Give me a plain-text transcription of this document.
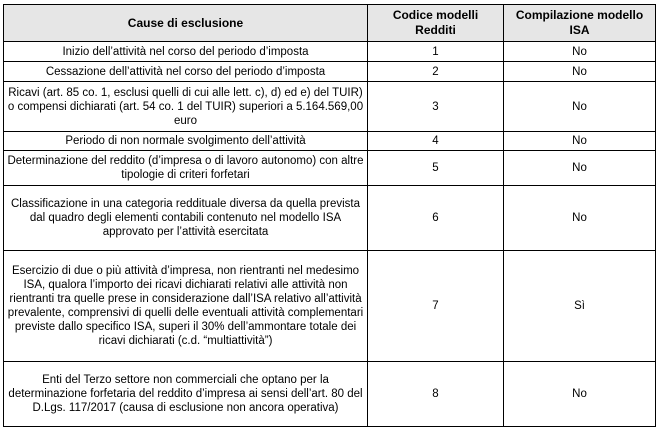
Cause di esclusione	Codice modelli Redditi	Compilazione modello ISA
Inizio dell’attività nel corso del periodo d’imposta	1	No
Cessazione dell’attività nel corso del periodo d’imposta	2	No
Ricavi (art. 85 co. 1, esclusi quelli di cui alle lett. c), d) ed e) del TUIR) o compensi dichiarati (art. 54 co. 1 del TUIR) superiori a 5.164.569,00 euro	3	No
Periodo di non normale svolgimento dell’attività	4	No
Determinazione del reddito (d’impresa o di lavoro autonomo) con altre tipologie di criteri forfetari	5	No
Classificazione in una categoria reddituale diversa da quella prevista dal quadro degli elementi contabili contenuto nel modello ISA approvato per l’attività esercitata	6	No
Esercizio di due o più attività d’impresa, non rientranti nel medesimo ISA, qualora l’importo dei ricavi dichiarati relativi alle attività non rientranti tra quelle prese in considerazione dall’ISA relativo all’attività prevalente, comprensivi di quelli delle eventuali attività complementari previste dallo specifico ISA, superi il 30% dell’ammontare totale dei ricavi dichiarati (c.d. “multiattività”)	7	Sì
Enti del Terzo settore non commerciali che optano per la determinazione forfetaria del reddito d’impresa ai sensi dell’art. 80 del D.Lgs. 117/2017 (causa di esclusione non ancora operativa)	8	No
